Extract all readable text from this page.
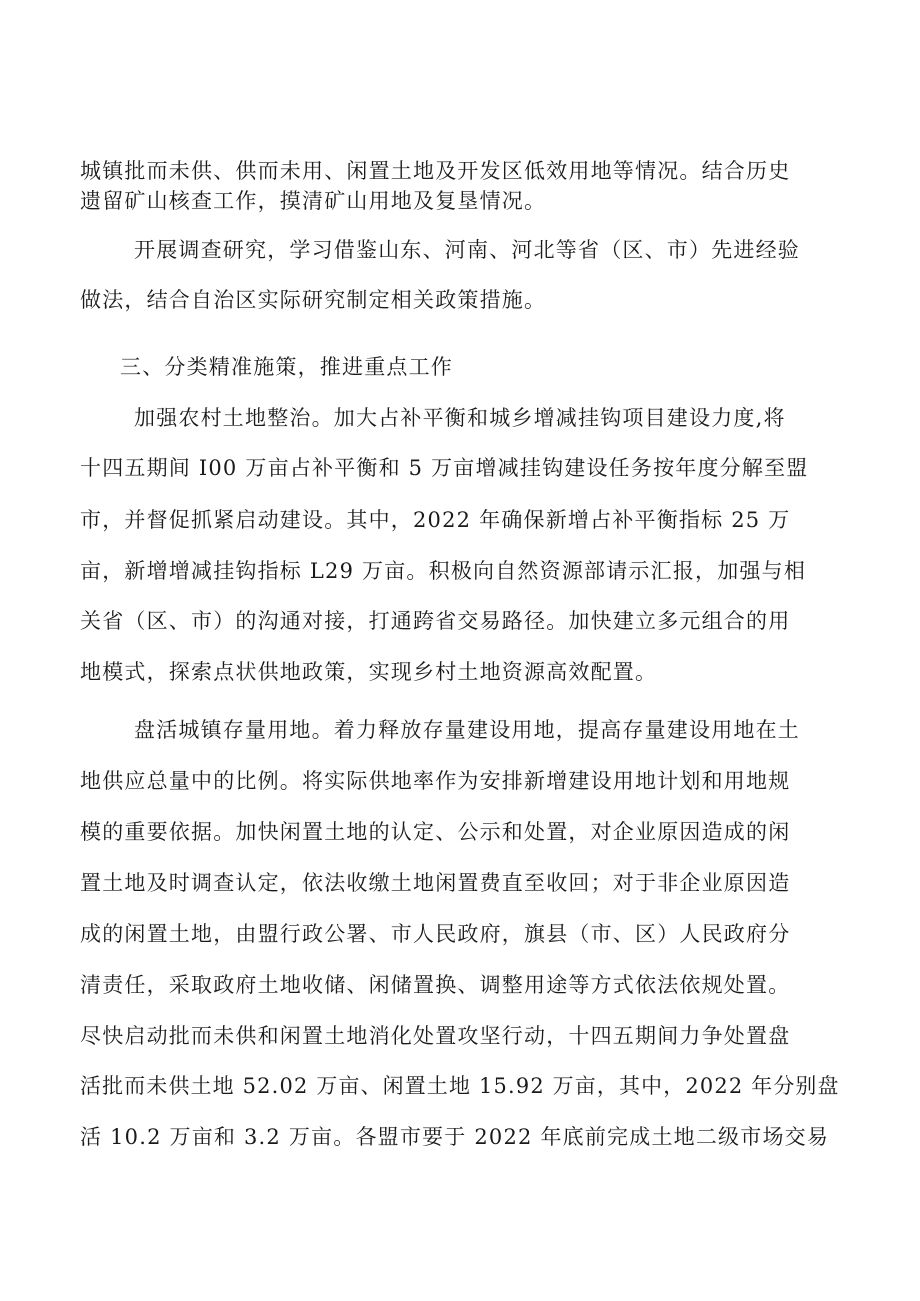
城镇批而未供、供而未用、闲置土地及开发区低效用地等情况。结合历史
遗留矿山核查工作，摸清矿山用地及复垦情况。
开展调查研究，学习借鉴山东、河南、河北等省（区、市）先进经验
做法，结合自治区实际研究制定相关政策措施。
三、分类精准施策，推进重点工作
加强农村土地整治。加大占补平衡和城乡增减挂钩项目建设力度,将
十四五期间 I00 万亩占补平衡和 5 万亩增减挂钩建设任务按年度分解至盟
市，并督促抓紧启动建设。其中，2022 年确保新增占补平衡指标 25 万
亩，新增增减挂钩指标 L29 万亩。积极向自然资源部请示汇报，加强与相
关省（区、市）的沟通对接，打通跨省交易路径。加快建立多元组合的用
地模式，探索点状供地政策，实现乡村土地资源高效配置。
盘活城镇存量用地。着力释放存量建设用地，提高存量建设用地在土
地供应总量中的比例。将实际供地率作为安排新增建设用地计划和用地规
模的重要依据。加快闲置土地的认定、公示和处置，对企业原因造成的闲
置土地及时调查认定，依法收缴土地闲置费直至收回；对于非企业原因造
成的闲置土地，由盟行政公署、市人民政府，旗县（市、区）人民政府分
清责任，采取政府土地收储、闲储置换、调整用途等方式依法依规处置。
尽快启动批而未供和闲置土地消化处置攻坚行动，十四五期间力争处置盘
活批而未供土地 52.02 万亩、闲置土地 15.92 万亩，其中，2022 年分别盘
活 10.2 万亩和 3.2 万亩。各盟市要于 2022 年底前完成土地二级市场交易
